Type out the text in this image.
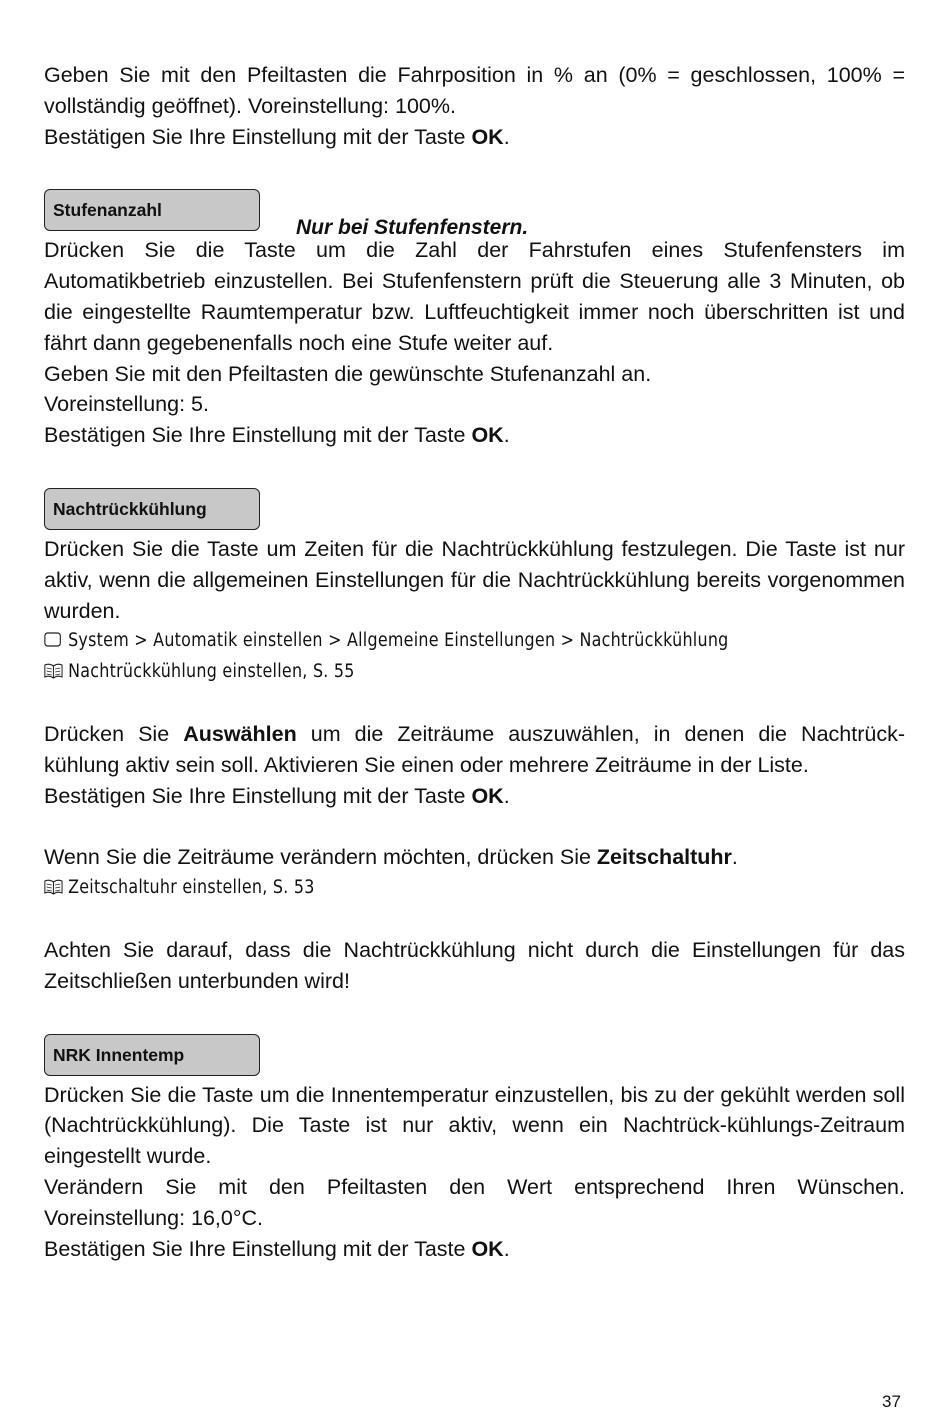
Geben Sie mit den Pfeiltasten die Fahrposition in % an (0% = geschlossen, 100% =

vollständig geöffnet). Voreinstellung: 100%.

Bestätigen Sie Ihre Einstellung mit der Taste OK.

Stufenanzahl
Nur bei Stufenfenstern.

Drücken Sie die Taste um die Zahl der Fahrstufen eines Stufenfensters im Automatikbetrieb einzustellen. Bei Stufenfenstern prüft die Steuerung alle 3 Minuten, ob die eingestellte Raumtemperatur bzw. Luftfeuchtigkeit immer noch überschritten ist und fährt dann gegebenenfalls noch eine Stufe weiter auf.

Geben Sie mit den Pfeiltasten die gewünschte Stufenanzahl an.

Voreinstellung: 5.

Bestätigen Sie Ihre Einstellung mit der Taste OK.

Nachtrückkühlung

Drücken Sie die Taste um Zeiten für die Nachtrückkühlung festzulegen. Die Taste ist nur aktiv, wenn die allgemeinen Einstellungen für die Nachtrückkühlung bereits vorgenommen wurden.

System > Automatik einstellen > Allgemeine Einstellungen > Nachtrückkühlung

Nachtrückkühlung einstellen, S. 55

Drücken Sie Auswählen um die Zeiträume auszuwählen, in denen die Nachtrück-

kühlung aktiv sein soll. Aktivieren Sie einen oder mehrere Zeiträume in der Liste.

Bestätigen Sie Ihre Einstellung mit der Taste OK.

Wenn Sie die Zeiträume verändern möchten, drücken Sie Zeitschaltuhr.

Zeitschaltuhr einstellen, S. 53

Achten Sie darauf, dass die Nachtrückkühlung nicht durch die Einstellungen für das Zeitschließen unterbunden wird!

NRK Innentemp

Drücken Sie die Taste um die Innentemperatur einzustellen, bis zu der gekühlt werden soll (Nachtrückkühlung). Die Taste ist nur aktiv, wenn ein Nachtrück-kühlungs-Zeitraum eingestellt wurde.

Verändern Sie mit den Pfeiltasten den Wert entsprechend Ihren Wünschen.

Voreinstellung: 16,0°C.

Bestätigen Sie Ihre Einstellung mit der Taste OK.

37
